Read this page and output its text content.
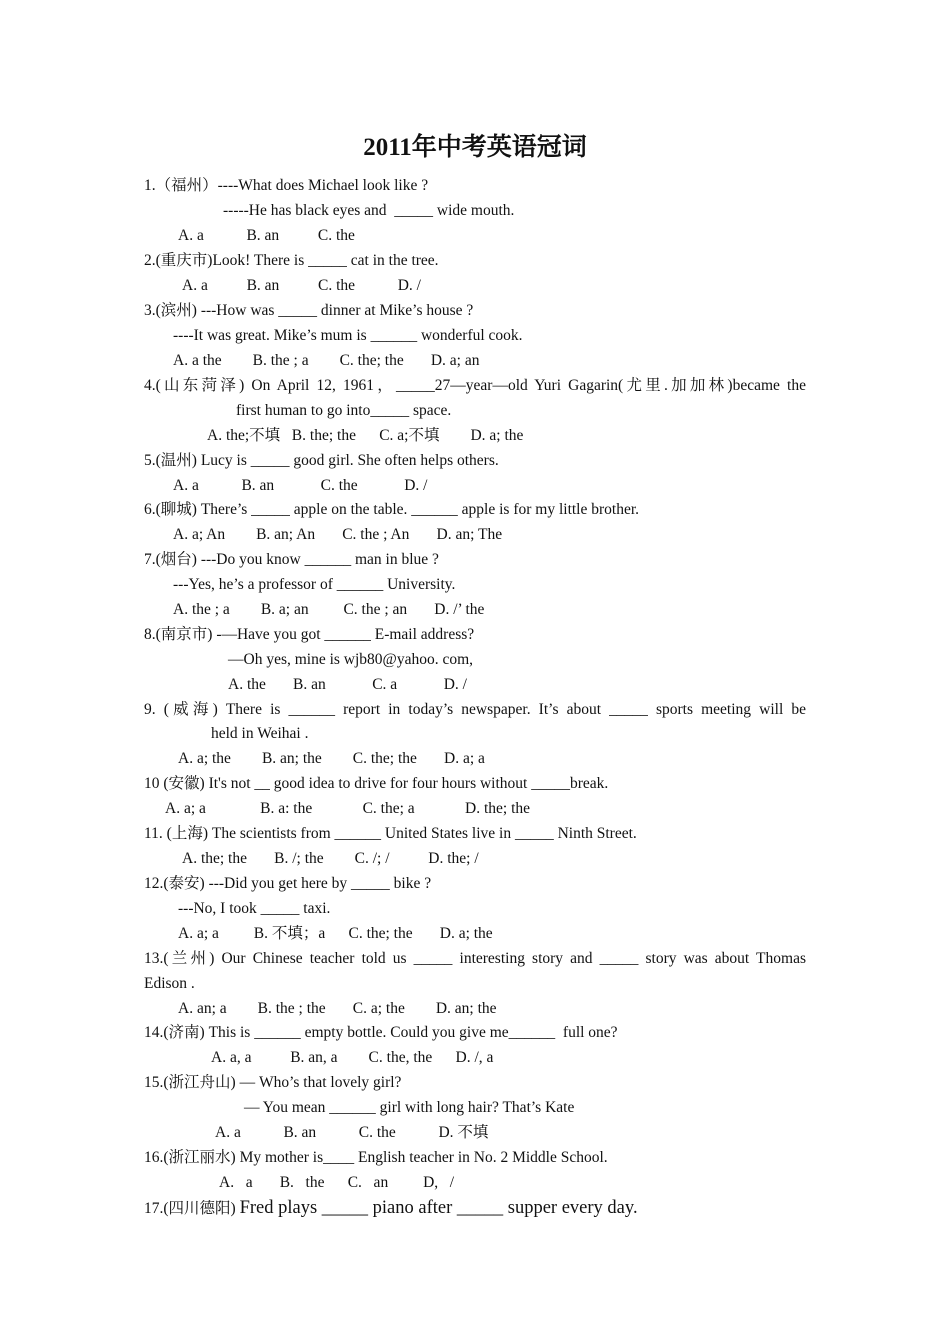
2011年中考英语冠词
1.（福州）----What does Michael look like ?
-----He has black eyes and  _____ wide mouth.
A. a           B. an          C. the
2.(重庆市)Look! There is _____ cat in the tree.
A. a          B. an          C. the           D. /
3.(滨州) ---How was _____ dinner at Mike’s house ?
----It was great. Mike’s mum is ______ wonderful cook.
A. a the        B. the ; a        C. the; the       D. a; an
4.(山东菏泽) On April 12, 1961，_____27—year—old Yuri Gagarin(尤里.加加林)became the
first human to go into_____ space.
A. the;不填   B. the; the      C. a;不填        D. a; the
5.(温州) Lucy is _____ good girl. She often helps others.
A. a           B. an            C. the            D. /
6.(聊城) There’s _____ apple on the table. ______ apple is for my little brother.
A. a; An        B. an; An       C. the ; An       D. an; The
7.(烟台) ---Do you know ______ man in blue ?
---Yes, he’s a professor of ______ University.
A. the ; a        B. a; an         C. the ; an       D. /’ the
8.(南京市) -—Have you got ______ E-mail address?
—Oh yes, mine is wjb80@yahoo. com,
A. the       B. an            C. a            D. /
9. (威海) There is ______ report in today’s newspaper. It’s about _____ sports meeting will be
held in Weihai .
A. a; the        B. an; the        C. the; the       D. a; a
10 (安徽) It's not __ good idea to drive for four hours without _____break.
A. a; a              B. a: the             C. the; a             D. the; the
11. (上海) The scientists from ______ United States live in _____ Ninth Street.
A. the; the       B. /; the        C. /; /          D. the; /
12.(泰安) ---Did you get here by _____ bike ?
---No, I took _____ taxi.
A. a; a         B. 不填；a      C. the; the       D. a; the
13.(兰州) Our Chinese teacher told us _____ interesting story and _____ story was about Thomas
Edison .
A. an; a        B. the ; the       C. a; the        D. an; the
14.(济南) This is ______ empty bottle. Could you give me______  full one?
A. a, a          B. an, a        C. the, the      D. /, a
15.(浙江舟山) — Who’s that lovely girl?
— You mean ______ girl with long hair? That’s Kate
A. a           B. an           C. the           D. 不填
16.(浙江丽水) My mother is____ English teacher in No. 2 Middle School.
A.   a       B.   the      C.   an         D,   /
17.(四川德阳) Fred plays _____ piano after _____ supper every day.
